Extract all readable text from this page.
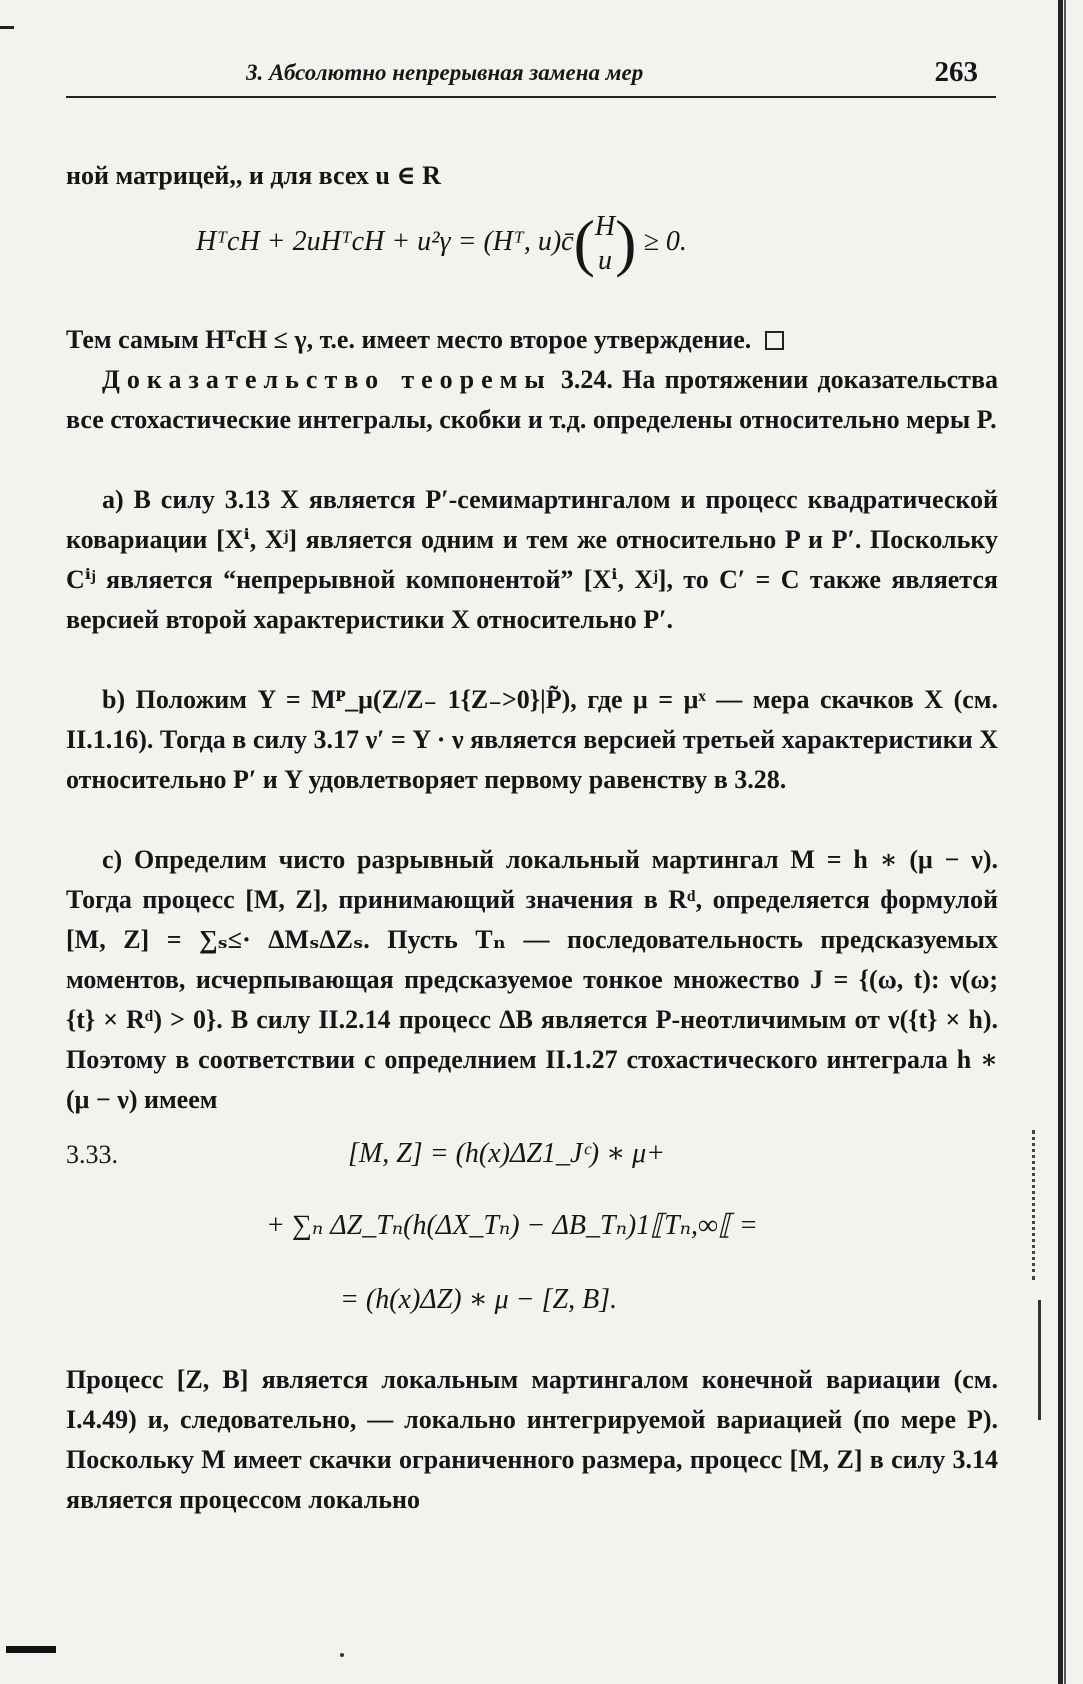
3. Абсолютно непрерывная замена мер	263
ной матрицей,, и для всех u ∈ R
HᵀcH + 2uHᵀcH + u²γ = (Hᵀ, u)c̄(H
u) ≥ 0.
Тем самым HᵀcH ≤ γ, т.е. имеет место второе утверждение.
Доказательство теоремы 3.24. На протяжении доказательства все стохастические интегралы, скобки и т.д. определены относительно меры P.
a) В силу 3.13 X является P′-семимартингалом и процесс квадратической ковариации [Xⁱ, Xʲ] является одним и тем же относительно P и P′. Поскольку Cⁱʲ является “непрерывной компонентой” [Xⁱ, Xʲ], то C′ = C также является версией второй характеристики X относительно P′.
b) Положим Y = Mᴾ_μ(Z/Z₋ 1{Z₋>0}|P̃), где μ = μˣ — мера скачков X (см. II.1.16). Тогда в силу 3.17 ν′ = Y · ν является версией третьей характеристики X относительно P′ и Y удовлетворяет первому равенству в 3.28.
c) Определим чисто разрывный локальный мартингал M = h ∗ (μ − ν). Тогда процесс [M, Z], принимающий значения в Rᵈ, определяется формулой [M, Z] = ∑ₛ≤· ΔMₛΔZₛ. Пусть Tₙ — последовательность предсказуемых моментов, исчерпывающая предсказуемое тонкое множество J = {(ω, t): ν(ω; {t} × Rᵈ) > 0}. В силу II.2.14 процесс ΔB является P-неотличимым от ν({t} × h). Поэтому в соответствии с определнием II.1.27 стохастического интеграла h ∗ (μ − ν) имеем
3.33.	[M, Z] = (h(x)ΔZ1_Jᶜ) ∗ μ+
+ ∑ₙ ΔZ_Tₙ(h(ΔX_Tₙ) − ΔB_Tₙ)1⟦Tₙ,∞⟦ =
= (h(x)ΔZ) ∗ μ − [Z, B].
Процесс [Z, B] является локальным мартингалом конечной вариации (см. I.4.49) и, следовательно, — локально интегрируемой вариацией (по мере P). Поскольку M имеет скачки ограниченного размера, процесс [M, Z] в силу 3.14 является процессом локально
